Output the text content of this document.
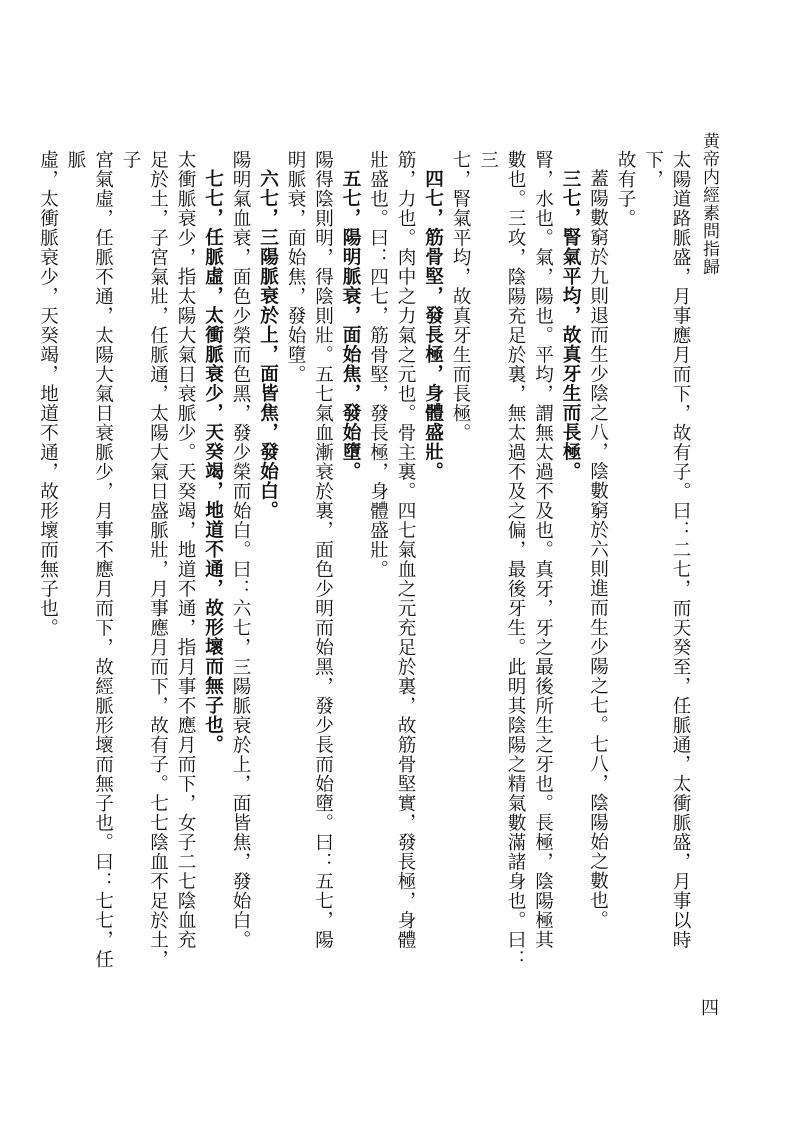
黄帝内經素問指歸
太陽道路脈盛，月事應月而下，故有子。曰：二七，而天癸至，任脈通，太衝脈盛，月事以時下，
故有子。
蓋陽數窮於九則退而生少陰之八，陰數窮於六則進而生少陽之七。七八，陰陽始之數也。
三七，腎氣平均，故真牙生而長極。
腎，水也。氣，陽也。平均，謂無太過不及也。真牙，牙之最後所生之牙也。長極，陰陽極其
數也。三攻，陰陽充足於裏，無太過不及之偏，最後牙生。此明其陰陽之精氣數滿諸身也。曰：三
七，腎氣平均，故真牙生而長極。
四七，筋骨堅，發長極，身體盛壯。
筋，力也。肉中之力氣之元也。骨主裏。四七氣血之元充足於裏，故筋骨堅實，發長極，身體
壯盛也。曰：四七，筋骨堅，發長極，身體盛壯。
五七，陽明脈衰，面始焦，發始墮。
陽得陰則明，得陰則壯。五七氣血漸衰於裏，面色少明而始黑，發少長而始墮。曰：五七，陽
明脈衰，面始焦，發始墮。
六七，三陽脈衰於上，面皆焦，發始白。
陽明氣血衰，面色少榮而色黑，發少榮而始白。曰：六七，三陽脈衰於上，面皆焦，發始白。
七七，任脈虛，太衝脈衰少，天癸竭，地道不通，故形壞而無子也。
太衝脈衰少，指太陽大氣日衰脈少。天癸竭，地道不通，指月事不應月而下，女子二七陰血充
足於土，子宮氣壯，任脈通，太陽大氣日盛脈壯，月事應月而下，故有子。七七陰血不足於土，子
宮氣虛，任脈不通，太陽大氣日衰脈少，月事不應月而下，故經脈形壞而無子也。曰：七七，任脈
虛，太衝脈衰少，天癸竭，地道不通，故形壞而無子也。
四
